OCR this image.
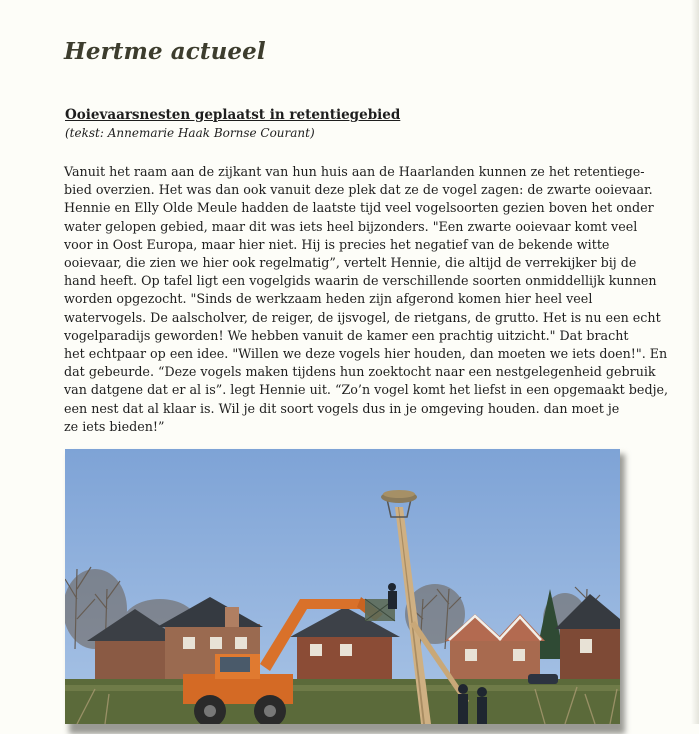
Hertme actueel
Ooievaarsnesten geplaatst in retentiegebied

(tekst: Annemarie Haak Bornse Courant)

Vanuit het raam aan de zijkant van hun huis aan de Haarlanden kunnen ze het retentiege-
bied overzien. Het was dan ook vanuit deze plek dat ze de vogel zagen: de zwarte ooievaar.
Hennie en Elly Olde Meule hadden de laatste tijd veel vogelsoorten gezien boven het onder
water gelopen gebied, maar dit was iets heel bijzonders. "Een zwarte ooievaar komt veel
voor in Oost Europa, maar hier niet. Hij is precies het negatief van de bekende witte
ooievaar, die zien we hier ook regelmatig”, vertelt Hennie, die altijd de verrekijker bij de
hand heeft. Op tafel ligt een vogelgids waarin de verschillende soorten onmiddellijk kunnen
worden opgezocht. "Sinds de werkzaam heden zijn afgerond komen hier heel veel
watervogels. De aalscholver, de reiger, de ijsvogel, de rietgans, de grutto. Het is nu een echt
vogelparadijs geworden! We hebben vanuit de kamer een prachtig uitzicht." Dat bracht
het echtpaar op een idee. "Willen we deze vogels hier houden, dan moeten we iets doen!". En
dat gebeurde. “Deze vogels maken tijdens hun zoektocht naar een nestgelegenheid gebruik
van datgene dat er al is”. legt Hennie uit. “Zo’n vogel komt het liefst in een opgemaakt bedje,
een nest dat al klaar is. Wil je dit soort vogels dus in je omgeving houden. dan moet je
ze iets bieden!”
